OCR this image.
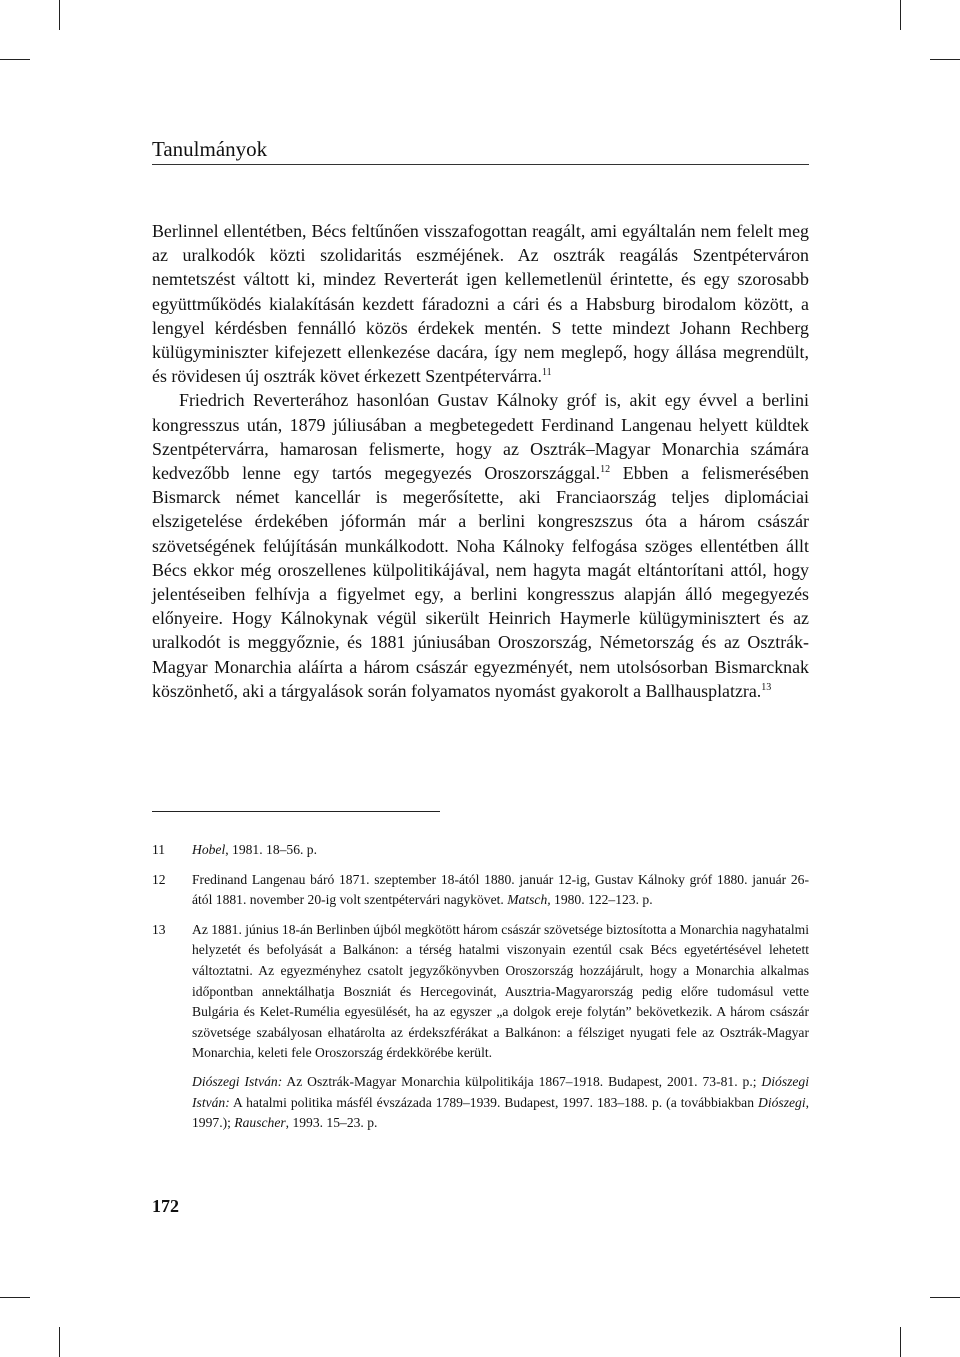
Tanulmányok

Berlinnel ellentétben, Bécs feltűnően visszafogottan reagált, ami egyáltalán nem felelt meg az uralkodók közti szolidaritás eszméjének. Az osztrák reagálás Szentpéterváron nemtetszést váltott ki, mindez Reverterát igen kellemetlenül érintette, és egy szorosabb együttműködés kialakításán kezdett fáradozni a cári és a Habsburg birodalom között, a lengyel kérdésben fennálló közös érdekek mentén. S tette mindezt Johann Rechberg külügyminiszter kifejezett ellenkezése dacára, így nem meglepő, hogy állása megrendült, és rövidesen új osztrák követ érkezett Szentpétervárra.$^{11}$

Friedrich Reverterához hasonlóan Gustav Kálnoky gróf is, akit egy évvel a berlini kongresszus után, 1879 júliusában a megbetegedett Ferdinand Langenau helyett küldtek Szentpétervárra, hamarosan felismerte, hogy az Osztrák–Magyar Monarchia számára kedvezőbb lenne egy tartós megegyezés Oroszországgal.$^{12}$ Ebben a felismerésében Bismarck német kancellár is megerősítette, aki Franciaország teljes diplomáciai elszigetelése érdekében jóformán már a berlini kongreszszus óta a három császár szövetségének felújításán munkálkodott. Noha Kálnoky felfogása szöges ellentétben állt Bécs ekkor még oroszellenes külpolitikájával, nem hagyta magát eltántorítani attól, hogy jelentéseiben felhívja a figyelmet egy, a berlini kongresszus alapján álló megegyezés előnyeire. Hogy Kálnokynak végül sikerült Heinrich Haymerle külügyminisztert és az uralkodót is meggyőznie, és 1881 júniusában Oroszország, Németország és az Osztrák-Magyar Monarchia aláírta a három császár egyezményét, nem utolsósorban Bismarcknak köszönhető, aki a tárgyalások során folyamatos nyomást gyakorolt a Ballhausplatzra.$^{13}$

11	Hobel, 1981. 18–56. p.

12	Fredinand Langenau báró 1871. szeptember 18-ától 1880. január 12-ig, Gustav Kálnoky gróf 1880. január 26-ától 1881. november 20-ig volt szentpétervári nagykövet. Matsch, 1980. 122–123. p.

13	Az 1881. június 18-án Berlinben újból megkötött három császár szövetsége biztosította a Monarchia nagyhatalmi helyzetét és befolyását a Balkánon: a térség hatalmi viszonyain ezentúl csak Bécs egyetértésével lehetett változtatni. Az egyezményhez csatolt jegyzőkönyvben Oroszország hozzájárult, hogy a Monarchia alkalmas időpontban annektálhatja Boszniát és Hercegovinát, Ausztria-Magyarország pedig előre tudomásul vette Bulgária és Kelet-Rumélia egyesülését, ha az egyszer „a dolgok ereje folytán” bekövetkezik. A három császár szövetsége szabályosan elhatárolta az érdekszférákat a Balkánon: a félsziget nyugati fele az Osztrák-Magyar Monarchia, keleti fele Oroszország érdekkörébe került.

Diószegi István: Az Osztrák-Magyar Monarchia külpolitikája 1867–1918. Budapest, 2001. 73-81. p.; Diószegi István: A hatalmi politika másfél évszázada 1789–1939. Budapest, 1997. 183–188. p. (a továbbiakban Diószegi, 1997.); Rauscher, 1993. 15–23. p.

172
